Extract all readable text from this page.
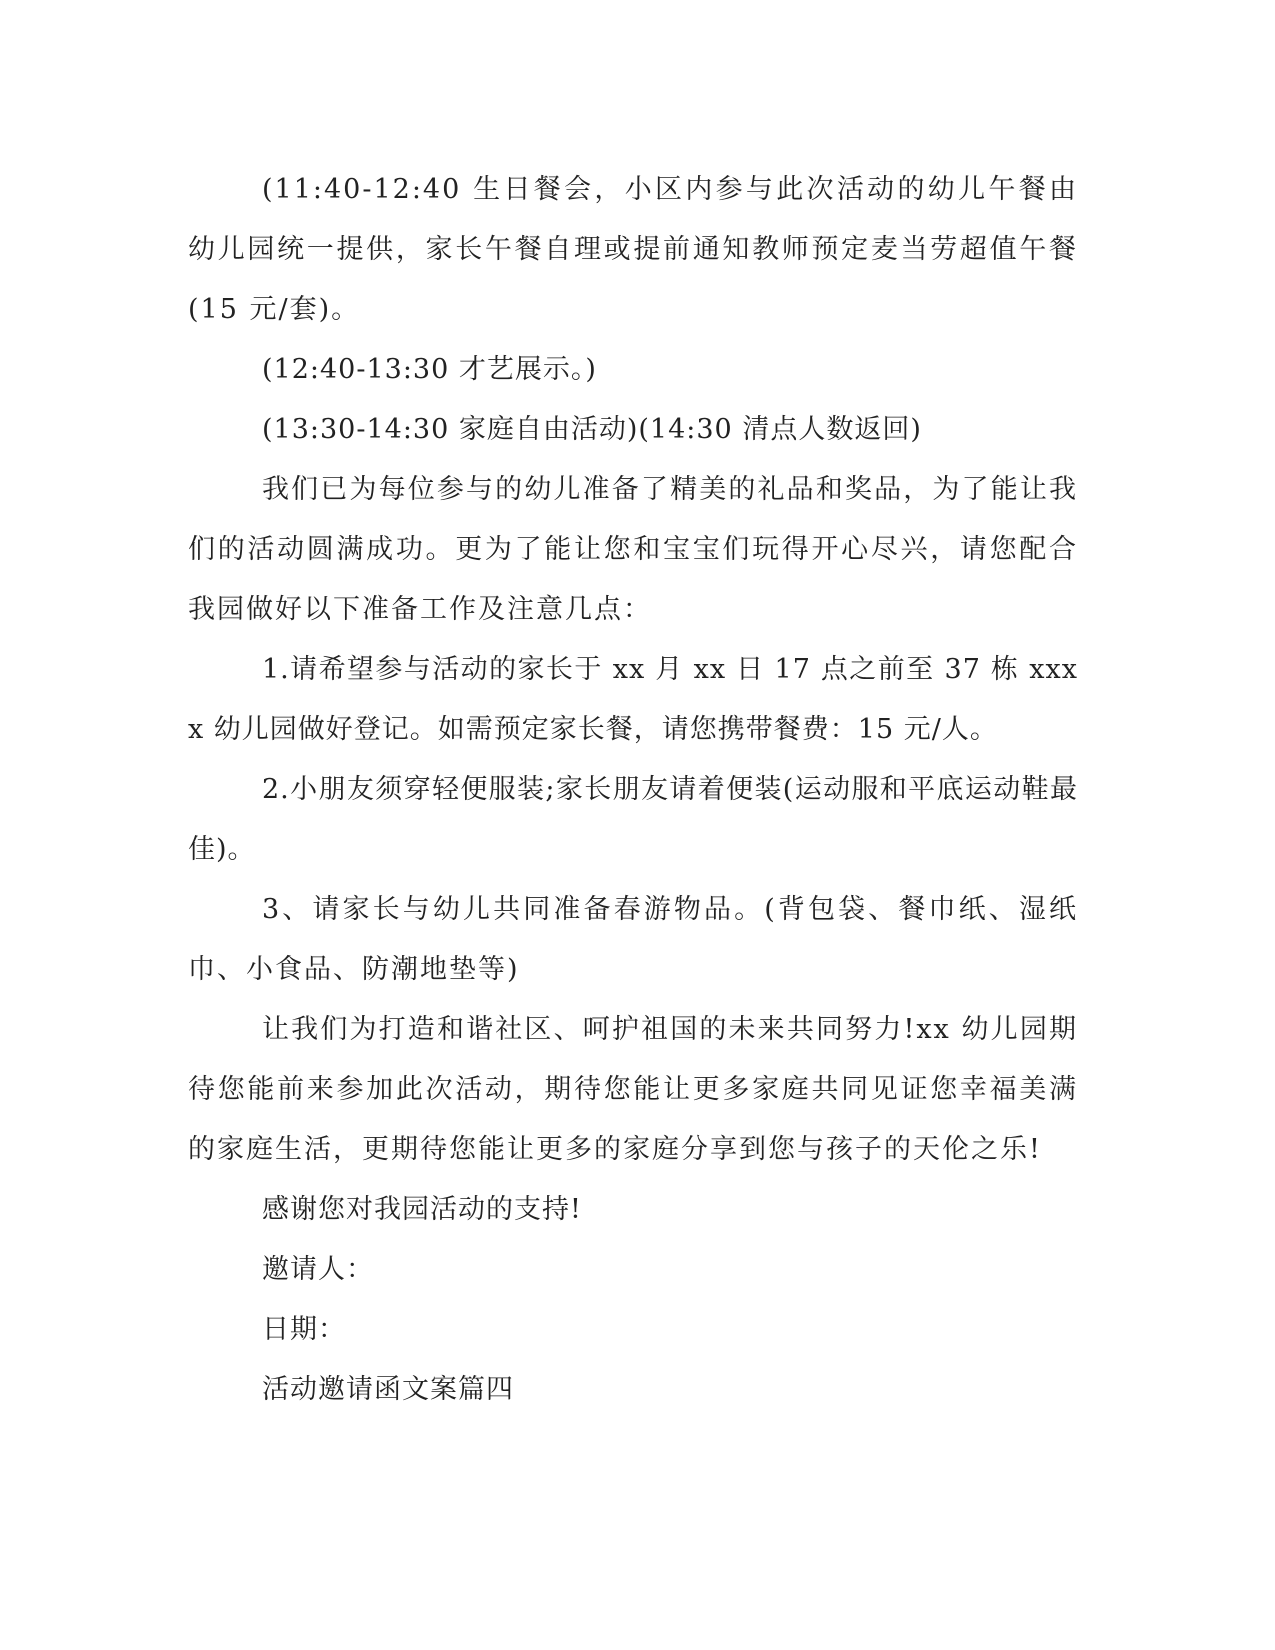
(11:40-12:40 生日餐会，小区内参与此次活动的幼儿午餐由幼儿园统一提供，家长午餐自理或提前通知教师预定麦当劳超值午餐(15 元/套)。

(12:40-13:30 才艺展示。)

(13:30-14:30 家庭自由活动)(14:30 清点人数返回)

我们已为每位参与的幼儿准备了精美的礼品和奖品，为了能让我们的活动圆满成功。更为了能让您和宝宝们玩得开心尽兴，请您配合我园做好以下准备工作及注意几点：

1.请希望参与活动的家长于 xx 月 xx 日 17 点之前至 37 栋 xxxx 幼儿园做好登记。如需预定家长餐，请您携带餐费：15 元/人。

2.小朋友须穿轻便服装;家长朋友请着便装(运动服和平底运动鞋最佳)。

3、请家长与幼儿共同准备春游物品。(背包袋、餐巾纸、湿纸巾、小食品、防潮地垫等)

让我们为打造和谐社区、呵护祖国的未来共同努力!xx 幼儿园期待您能前来参加此次活动，期待您能让更多家庭共同见证您幸福美满的家庭生活，更期待您能让更多的家庭分享到您与孩子的天伦之乐!

感谢您对我园活动的支持!

邀请人：

日期：

活动邀请函文案篇四
